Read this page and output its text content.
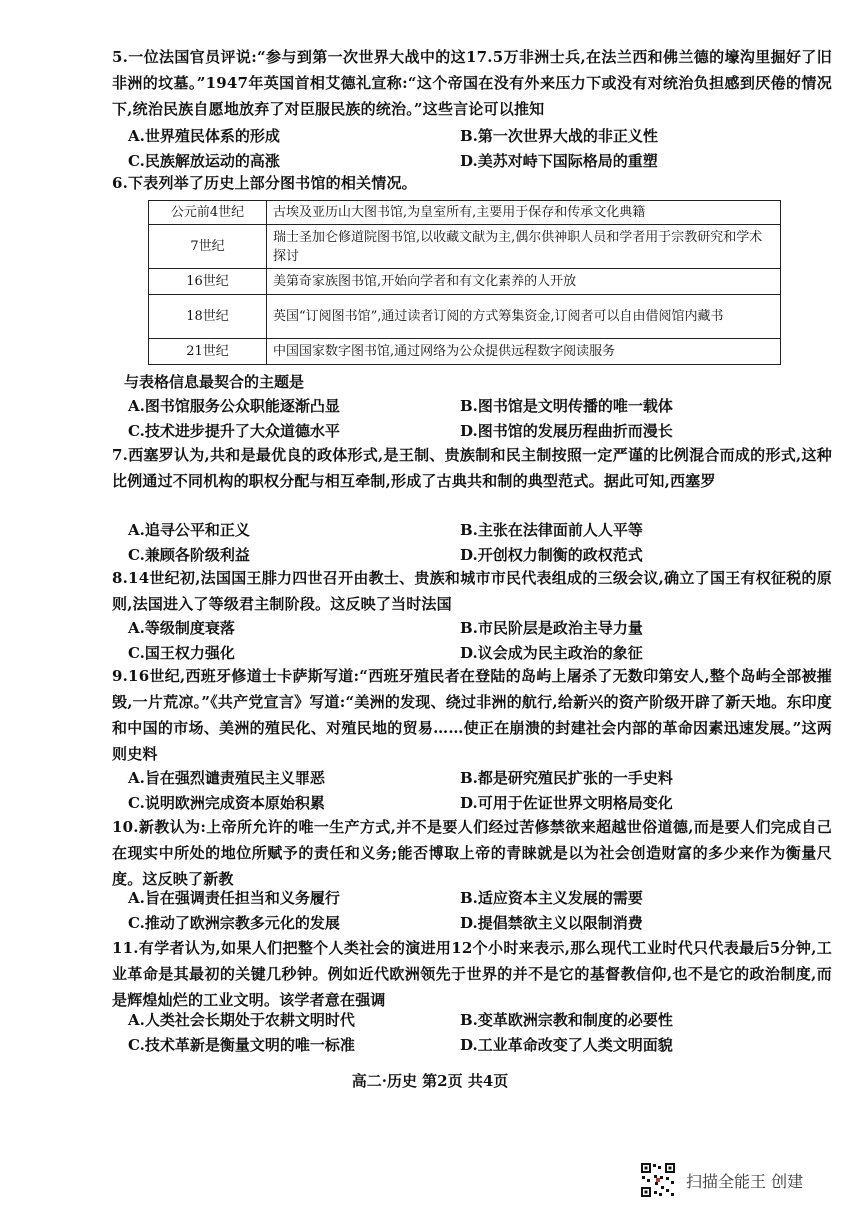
5.一位法国官员评说:“参与到第一次世界大战中的这17.5万非洲士兵,在法兰西和佛兰德的壕沟里掘好了旧非洲的坟墓。”1947年英国首相艾德礼宣称:“这个帝国在没有外来压力下或没有对统治负担感到厌倦的情况下,统治民族自愿地放弃了对臣服民族的统治。”这些言论可以推知
A.世界殖民体系的形成	B.第一次世界大战的非正义性
C.民族解放运动的高涨	D.美苏对峙下国际格局的重塑
6.下表列举了历史上部分图书馆的相关情况。
公元前4世纪	古埃及亚历山大图书馆,为皇室所有,主要用于保存和传承文化典籍
7世纪	瑞士圣加仑修道院图书馆,以收藏文献为主,偶尔供神职人员和学者用于宗教研究和学术探讨
16世纪	美第奇家族图书馆,开始向学者和有文化素养的人开放
18世纪	英国“订阅图书馆”,通过读者订阅的方式筹集资金,订阅者可以自由借阅馆内藏书
21世纪	中国国家数字图书馆,通过网络为公众提供远程数字阅读服务
与表格信息最契合的主题是
A.图书馆服务公众职能逐渐凸显	B.图书馆是文明传播的唯一载体
C.技术进步提升了大众道德水平	D.图书馆的发展历程曲折而漫长
7.西塞罗认为,共和是最优良的政体形式,是王制、贵族制和民主制按照一定严谨的比例混合而成的形式,这种比例通过不同机构的职权分配与相互牵制,形成了古典共和制的典型范式。据此可知,西塞罗
A.追寻公平和正义	B.主张在法律面前人人平等
C.兼顾各阶级利益	D.开创权力制衡的政权范式
8.14世纪初,法国国王腓力四世召开由教士、贵族和城市市民代表组成的三级会议,确立了国王有权征税的原则,法国进入了等级君主制阶段。这反映了当时法国
A.等级制度衰落	B.市民阶层是政治主导力量
C.国王权力强化	D.议会成为民主政治的象征
9.16世纪,西班牙修道士卡萨斯写道:“西班牙殖民者在登陆的岛屿上屠杀了无数印第安人,整个岛屿全部被摧毁,一片荒凉。”《共产党宣言》写道:“美洲的发现、绕过非洲的航行,给新兴的资产阶级开辟了新天地。东印度和中国的市场、美洲的殖民化、对殖民地的贸易……使正在崩溃的封建社会内部的革命因素迅速发展。”这两则史料
A.旨在强烈谴责殖民主义罪恶	B.都是研究殖民扩张的一手史料
C.说明欧洲完成资本原始积累	D.可用于佐证世界文明格局变化
10.新教认为:上帝所允许的唯一生产方式,并不是要人们经过苦修禁欲来超越世俗道德,而是要人们完成自己在现实中所处的地位所赋予的责任和义务;能否博取上帝的青睐就是以为社会创造财富的多少来作为衡量尺度。这反映了新教
A.旨在强调责任担当和义务履行	B.适应资本主义发展的需要
C.推动了欧洲宗教多元化的发展	D.提倡禁欲主义以限制消费
11.有学者认为,如果人们把整个人类社会的演进用12个小时来表示,那么现代工业时代只代表最后5分钟,工业革命是其最初的关键几秒钟。例如近代欧洲领先于世界的并不是它的基督教信仰,也不是它的政治制度,而是辉煌灿烂的工业文明。该学者意在强调
A.人类社会长期处于农耕文明时代	B.变革欧洲宗教和制度的必要性
C.技术革新是衡量文明的唯一标准	D.工业革命改变了人类文明面貌
高二·历史 第2页 共4页
扫描全能王 创建
